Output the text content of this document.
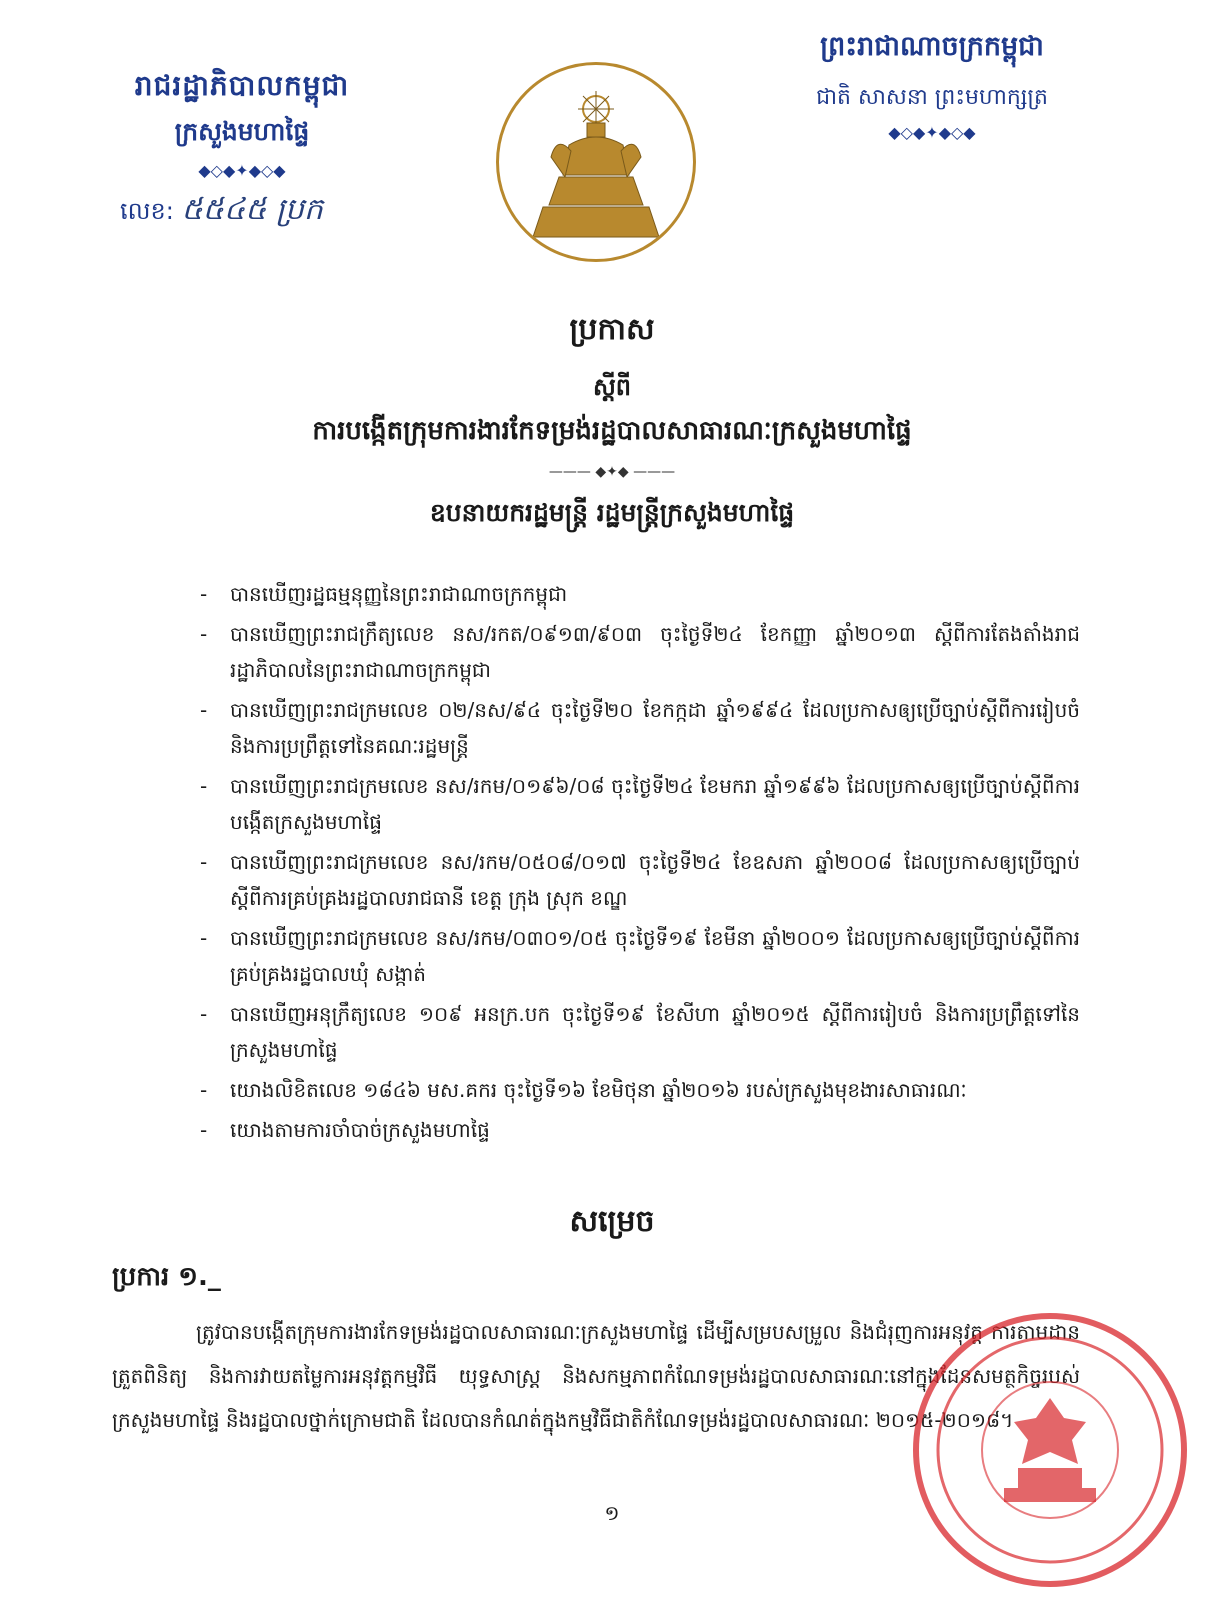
រាជរដ្ឋាភិបាលកម្ពុជា
ក្រសួងមហាផ្ទៃ
◆◇◆✦◆◇◆
លេខ: ៥៥៤៥ ប្រក
ព្រះរាជាណាចក្រកម្ពុជា
ជាតិ សាសនា ព្រះមហាក្សត្រ
◆◇◆✦◆◇◆
ប្រកាស
ស្តីពី
ការបង្កើតក្រុមការងារកែទម្រង់រដ្ឋបាលសាធារណៈក្រសួងមហាផ្ទៃ
——— ◆✦◆ ———
ឧបនាយករដ្ឋមន្ត្រី រដ្ឋមន្ត្រីក្រសួងមហាផ្ទៃ
- បានឃើញរដ្ឋធម្មនុញ្ញនៃព្រះរាជាណាចក្រកម្ពុជា
- បានឃើញព្រះរាជក្រឹត្យលេខ នស/រកត/០៩១៣/៩០៣ ចុះថ្ងៃទី២៤ ខែកញ្ញា ឆ្នាំ២០១៣ ស្តីពីការតែងតាំងរាជរដ្ឋាភិបាលនៃព្រះរាជាណាចក្រកម្ពុជា
- បានឃើញព្រះរាជក្រមលេខ ០២/នស/៩៤ ចុះថ្ងៃទី២០ ខែកក្កដា ឆ្នាំ១៩៩៤ ដែលប្រកាសឲ្យប្រើច្បាប់ស្តីពីការរៀបចំ និងការប្រព្រឹត្តទៅនៃគណៈរដ្ឋមន្ត្រី
- បានឃើញព្រះរាជក្រមលេខ នស/រកម/០១៩៦/០៨ ចុះថ្ងៃទី២៤ ខែមករា ឆ្នាំ១៩៩៦ ដែលប្រកាសឲ្យប្រើច្បាប់ស្តីពីការបង្កើតក្រសួងមហាផ្ទៃ
- បានឃើញព្រះរាជក្រមលេខ នស/រកម/០៥០៨/០១៧ ចុះថ្ងៃទី២៤ ខែឧសភា ឆ្នាំ២០០៨ ដែលប្រកាសឲ្យប្រើច្បាប់ស្តីពីការគ្រប់គ្រងរដ្ឋបាលរាជធានី ខេត្ត ក្រុង ស្រុក ខណ្ឌ
- បានឃើញព្រះរាជក្រមលេខ នស/រកម/០៣០១/០៥ ចុះថ្ងៃទី១៩ ខែមីនា ឆ្នាំ២០០១ ដែលប្រកាសឲ្យប្រើច្បាប់ស្តីពីការគ្រប់គ្រងរដ្ឋបាលឃុំ សង្កាត់
- បានឃើញអនុក្រឹត្យលេខ ១០៩ អនក្រ.បក ចុះថ្ងៃទី១៩ ខែសីហា ឆ្នាំ២០១៥ ស្តីពីការរៀបចំ និងការប្រព្រឹត្តទៅនៃក្រសួងមហាផ្ទៃ
- យោងលិខិតលេខ ១៨៤៦ មស.គករ ចុះថ្ងៃទី១៦ ខែមិថុនា ឆ្នាំ២០១៦ របស់ក្រសួងមុខងារសាធារណៈ
- យោងតាមការចាំបាច់ក្រសួងមហាផ្ទៃ
សម្រេច
ប្រការ ១._
ត្រូវបានបង្កើតក្រុមការងារកែទម្រង់រដ្ឋបាលសាធារណៈក្រសួងមហាផ្ទៃ ដើម្បីសម្របសម្រួល និងជំរុញការអនុវត្ត ការតាមដានត្រួតពិនិត្យ និងការវាយតម្លៃការអនុវត្តកម្មវិធី យុទ្ធសាស្ត្រ និងសកម្មភាពកំណែទម្រង់រដ្ឋបាលសាធារណៈនៅក្នុងដែនសមត្ថកិច្ចរបស់ក្រសួងមហាផ្ទៃ និងរដ្ឋបាលថ្នាក់ក្រោមជាតិ ដែលបានកំណត់ក្នុងកម្មវិធីជាតិកំណែទម្រង់រដ្ឋបាលសាធារណៈ ២០១៥-២០១៨។
១
